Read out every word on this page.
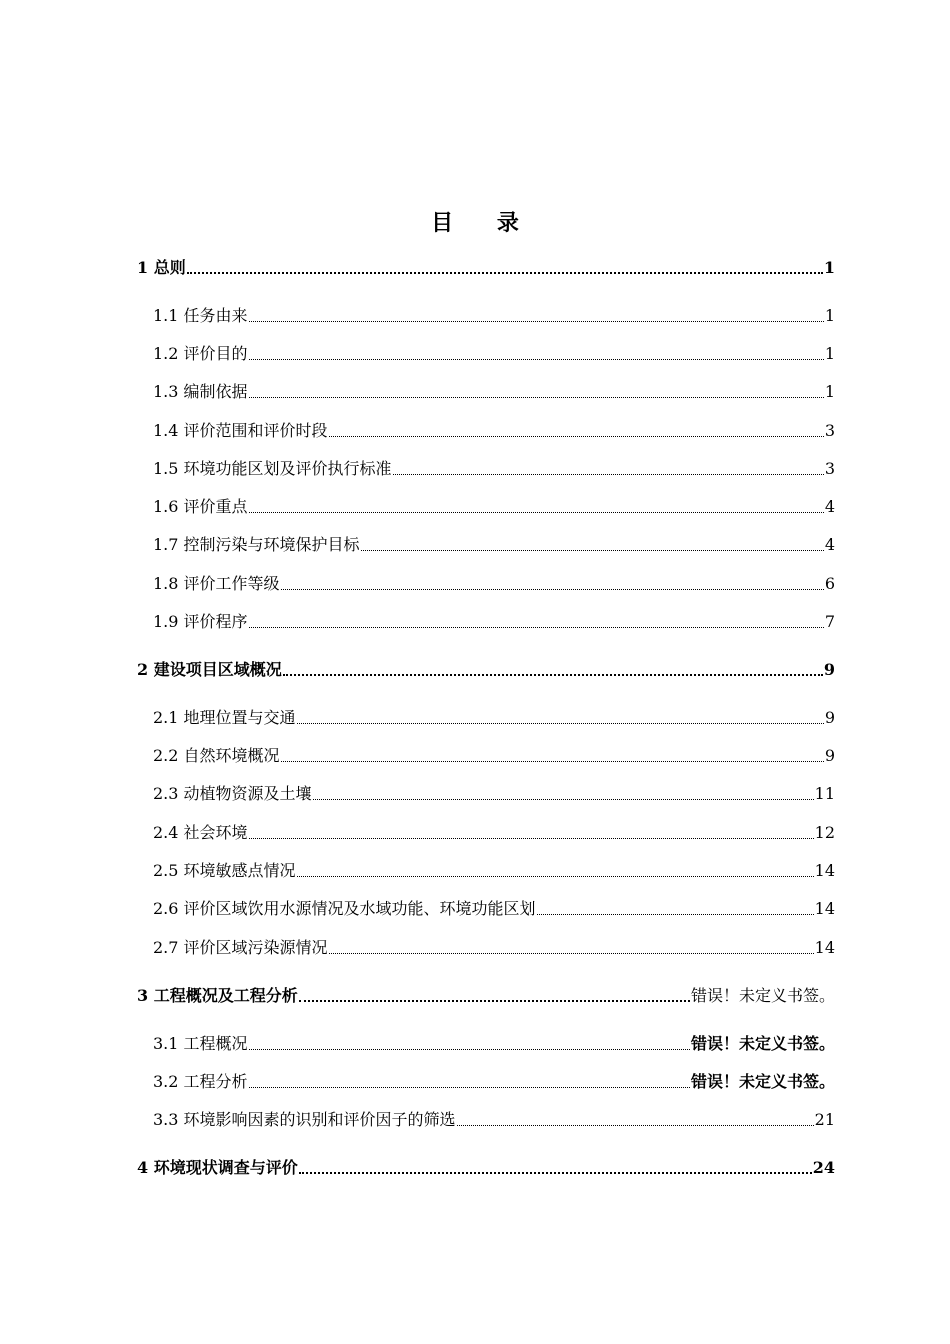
目 录
1 总则	1
1.1 任务由来	1
1.2 评价目的	1
1.3 编制依据	1
1.4 评价范围和评价时段	3
1.5 环境功能区划及评价执行标准	3
1.6 评价重点	4
1.7 控制污染与环境保护目标	4
1.8 评价工作等级	6
1.9 评价程序	7
2 建设项目区域概况	9
2.1 地理位置与交通	9
2.2 自然环境概况	9
2.3 动植物资源及土壤	11
2.4 社会环境	12
2.5 环境敏感点情况	14
2.6 评价区域饮用水源情况及水域功能、环境功能区划	14
2.7 评价区域污染源情况	14
3 工程概况及工程分析	错误！未定义书签。
3.1 工程概况	错误！未定义书签。
3.2 工程分析	错误！未定义书签。
3.3 环境影响因素的识别和评价因子的筛选	21
4 环境现状调查与评价	24
